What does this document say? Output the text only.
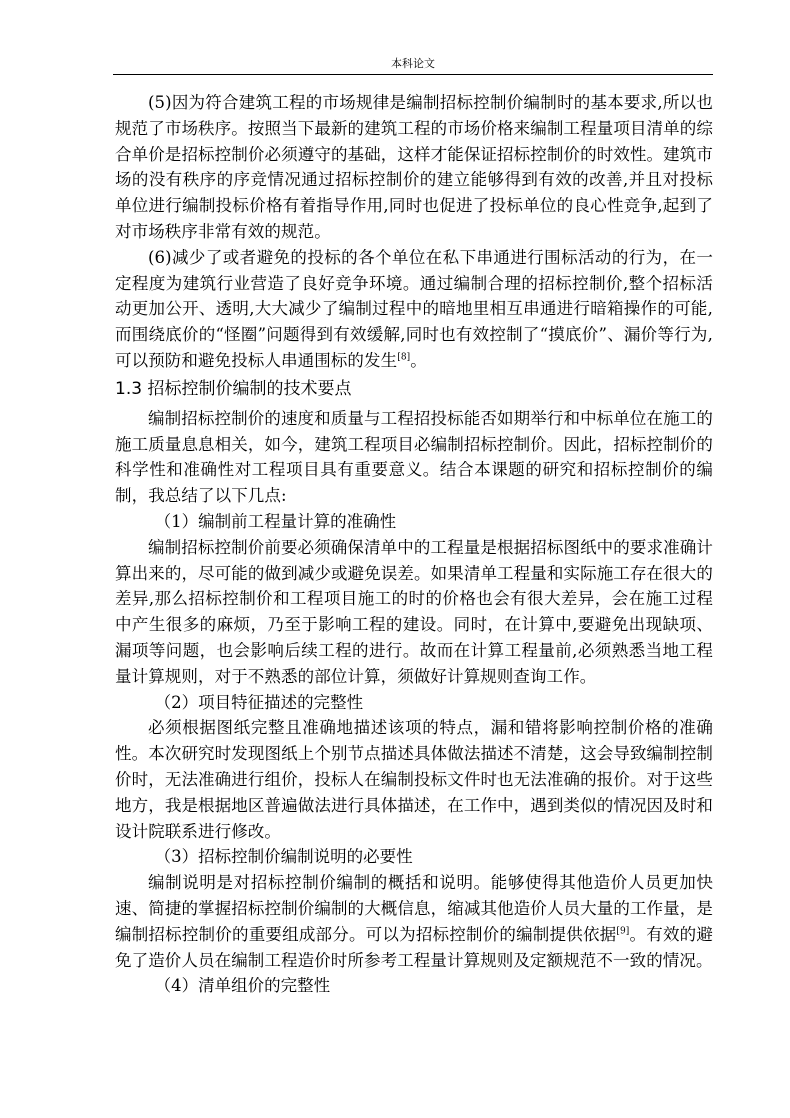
本科论文

(5)因为符合建筑工程的市场规律是编制招标控制价编制时的基本要求,所以也规范了市场秩序。按照当下最新的建筑工程的市场价格来编制工程量项目清单的综合单价是招标控制价必须遵守的基础，这样才能保证招标控制价的时效性。建筑市场的没有秩序的序竞情况通过招标控制价的建立能够得到有效的改善,并且对投标单位进行编制投标价格有着指导作用,同时也促进了投标单位的良心性竞争,起到了对市场秩序非常有效的规范。

(6)减少了或者避免的投标的各个单位在私下串通进行围标活动的行为，在一定程度为建筑行业营造了良好竞争环境。通过编制合理的招标控制价,整个招标活动更加公开、透明,大大减少了编制过程中的暗地里相互串通进行暗箱操作的可能,而围绕底价的“怪圈”问题得到有效缓解,同时也有效控制了“摸底价”、漏价等行为,可以预防和避免投标人串通围标的发生[8]。

1.3 招标控制价编制的技术要点

编制招标控制价的速度和质量与工程招投标能否如期举行和中标单位在施工的施工质量息息相关，如今，建筑工程项目必编制招标控制价。因此，招标控制价的科学性和准确性对工程项目具有重要意义。结合本课题的研究和招标控制价的编制，我总结了以下几点:

（1）编制前工程量计算的准确性

编制招标控制价前要必须确保清单中的工程量是根据招标图纸中的要求准确计算出来的，尽可能的做到减少或避免误差。如果清单工程量和实际施工存在很大的差异,那么招标控制价和工程项目施工的时的价格也会有很大差异，会在施工过程中产生很多的麻烦，乃至于影响工程的建设。同时，在计算中,要避免出现缺项、漏项等问题，也会影响后续工程的进行。故而在计算工程量前,必须熟悉当地工程量计算规则，对于不熟悉的部位计算，须做好计算规则查询工作。

（2）项目特征描述的完整性

必须根据图纸完整且准确地描述该项的特点，漏和错将影响控制价格的准确性。本次研究时发现图纸上个别节点描述具体做法描述不清楚，这会导致编制控制价时，无法准确进行组价，投标人在编制投标文件时也无法准确的报价。对于这些地方，我是根据地区普遍做法进行具体描述，在工作中，遇到类似的情况因及时和设计院联系进行修改。

（3）招标控制价编制说明的必要性

编制说明是对招标控制价编制的概括和说明。能够使得其他造价人员更加快速、简捷的掌握招标控制价编制的大概信息，缩减其他造价人员大量的工作量，是编制招标控制价的重要组成部分。可以为招标控制价的编制提供依据[9]。有效的避免了造价人员在编制工程造价时所参考工程量计算规则及定额规范不一致的情况。

（4）清单组价的完整性
